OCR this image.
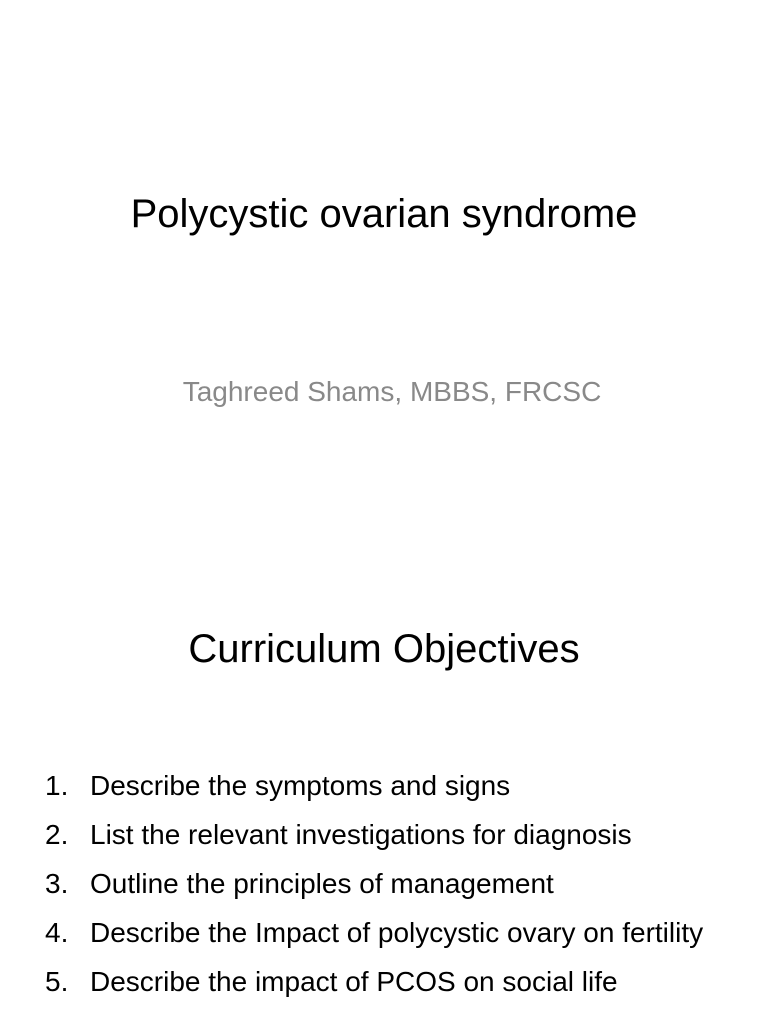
Polycystic ovarian syndrome

Taghreed Shams, MBBS, FRCSC

Curriculum Objectives
1. Describe the symptoms and signs
2. List the relevant investigations for diagnosis
3. Outline the principles of management
4. Describe the Impact of polycystic ovary on fertility
5. Describe the impact of PCOS on social life
